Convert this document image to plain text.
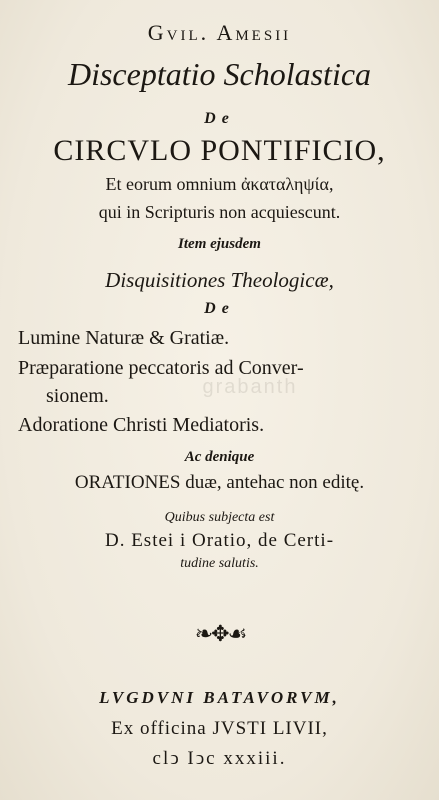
Gvil. Amesii
Disceptatio Scholastica
De
CIRCVLO PONTIFICIO,
Et eorum omnium ἀκαταληψία,
qui in Scripturis non acquiescunt.
Item ejusdem
Disquisitiones Theologicæ,
De
Lumine Naturæ & Gratiæ.
Præparatione peccatoris ad Conver-
sionem.
Adoratione Christi Mediatoris.
Ac denique
ORATIONES duæ, antehac non editę.
Quibus subjecta est
D. Estei i Oratio, de Certi-
tudine salutis.
❧✥☙
LVGDVNI BATAVORVM,
Ex officina JVSTI LIVII,
clↄ Iↄc xxxiii.
grabanth
